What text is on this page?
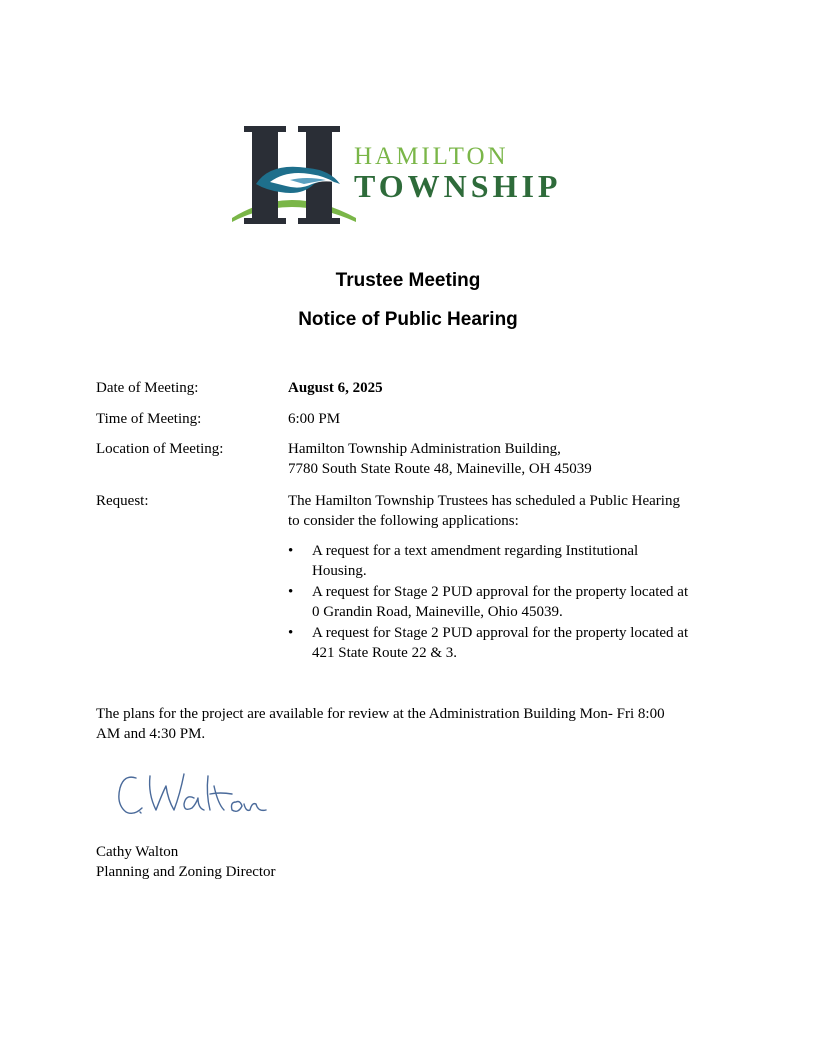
HAMILTON
TOWNSHIP
Trustee Meeting
Notice of Public Hearing
Date of Meeting:	August 6, 2025
Time of Meeting:	6:00 PM
Location of Meeting:	Hamilton Township Administration Building,
7780 South State Route 48, Maineville, OH 45039
Request:	The Hamilton Township Trustees has scheduled a Public Hearing
to consider the following applications:
• A request for a text amendment regarding Institutional
Housing.
• A request for Stage 2 PUD approval for the property located at
0 Grandin Road, Maineville, Ohio 45039.
• A request for Stage 2 PUD approval for the property located at
421 State Route 22 & 3.
The plans for the project are available for review at the Administration Building Mon- Fri 8:00
AM and 4:30 PM.
Cathy Walton
Planning and Zoning Director
